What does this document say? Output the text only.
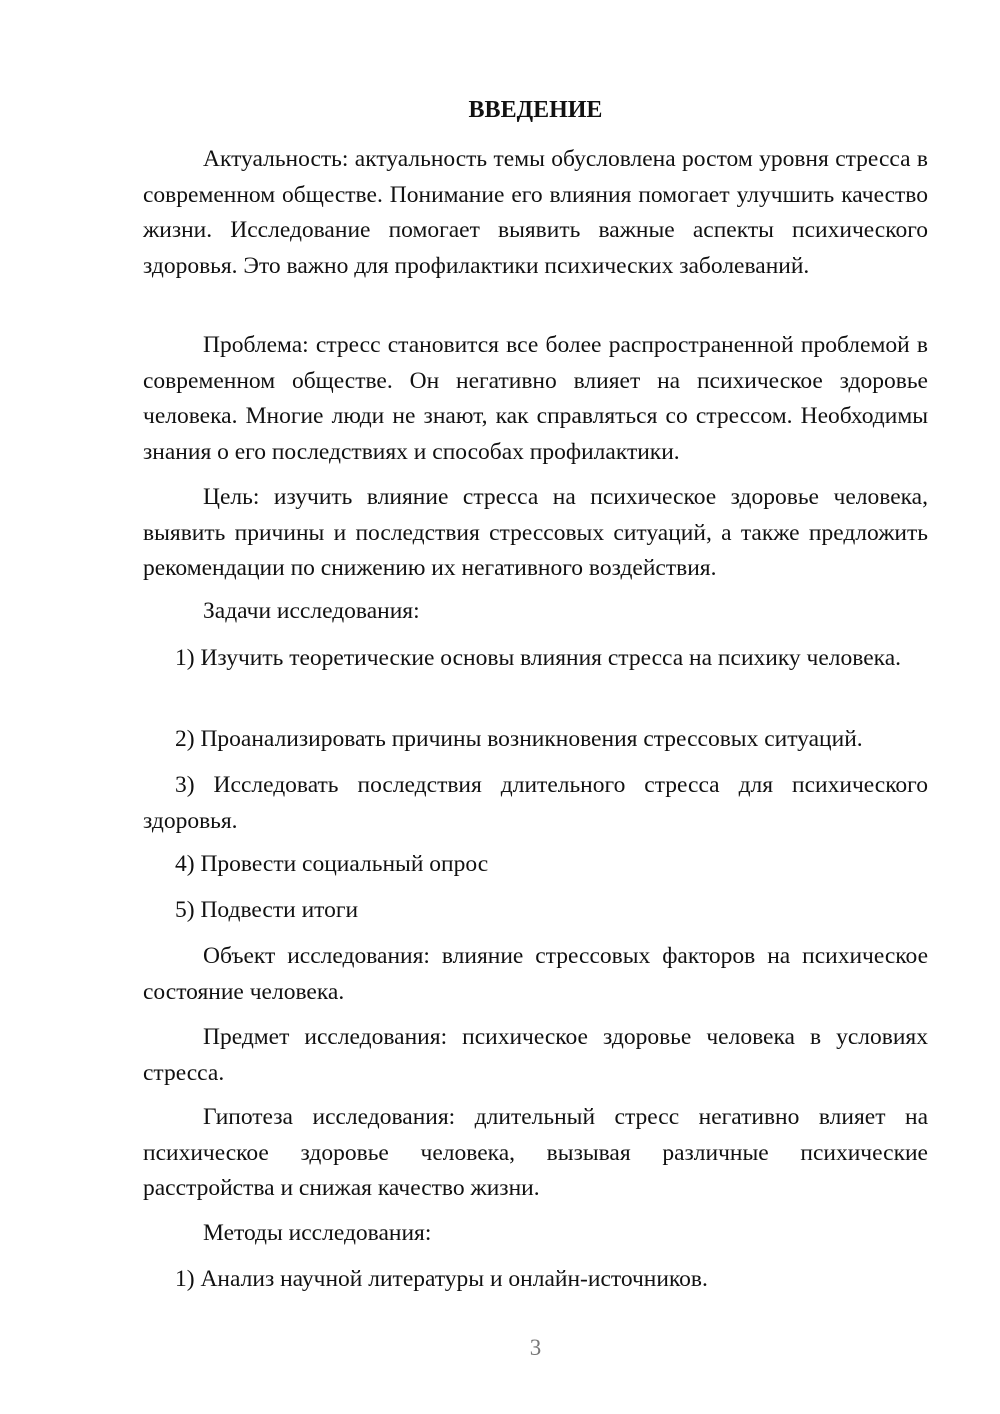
ВВЕДЕНИЕ

Актуальность: актуальность темы обусловлена ростом уровня стресса в современном обществе. Понимание его влияния помогает улучшить качество жизни. Исследование помогает выявить важные аспекты психического здоровья. Это важно для профилактики психических заболеваний.

Проблема: стресс становится все более распространенной проблемой в современном обществе. Он негативно влияет на психическое здоровье человека. Многие люди не знают, как справляться со стрессом. Необходимы знания о его последствиях и способах профилактики.

Цель: изучить влияние стресса на психическое здоровье человека, выявить причины и последствия стрессовых ситуаций, а также предложить рекомендации по снижению их негативного воздействия.

Задачи исследования:

1) Изучить теоретические основы влияния стресса на психику человека.

2) Проанализировать причины возникновения стрессовых ситуаций.

3) Исследовать последствия длительного стресса для психического здоровья.

4) Провести социальный опрос

5) Подвести итоги

Объект исследования: влияние стрессовых факторов на психическое состояние человека.

Предмет исследования: психическое здоровье человека в условиях стресса.

Гипотеза исследования: длительный стресс негативно влияет на психическое здоровье человека, вызывая различные психические расстройства и снижая качество жизни.

Методы исследования:

1) Анализ научной литературы и онлайн-источников.

3
